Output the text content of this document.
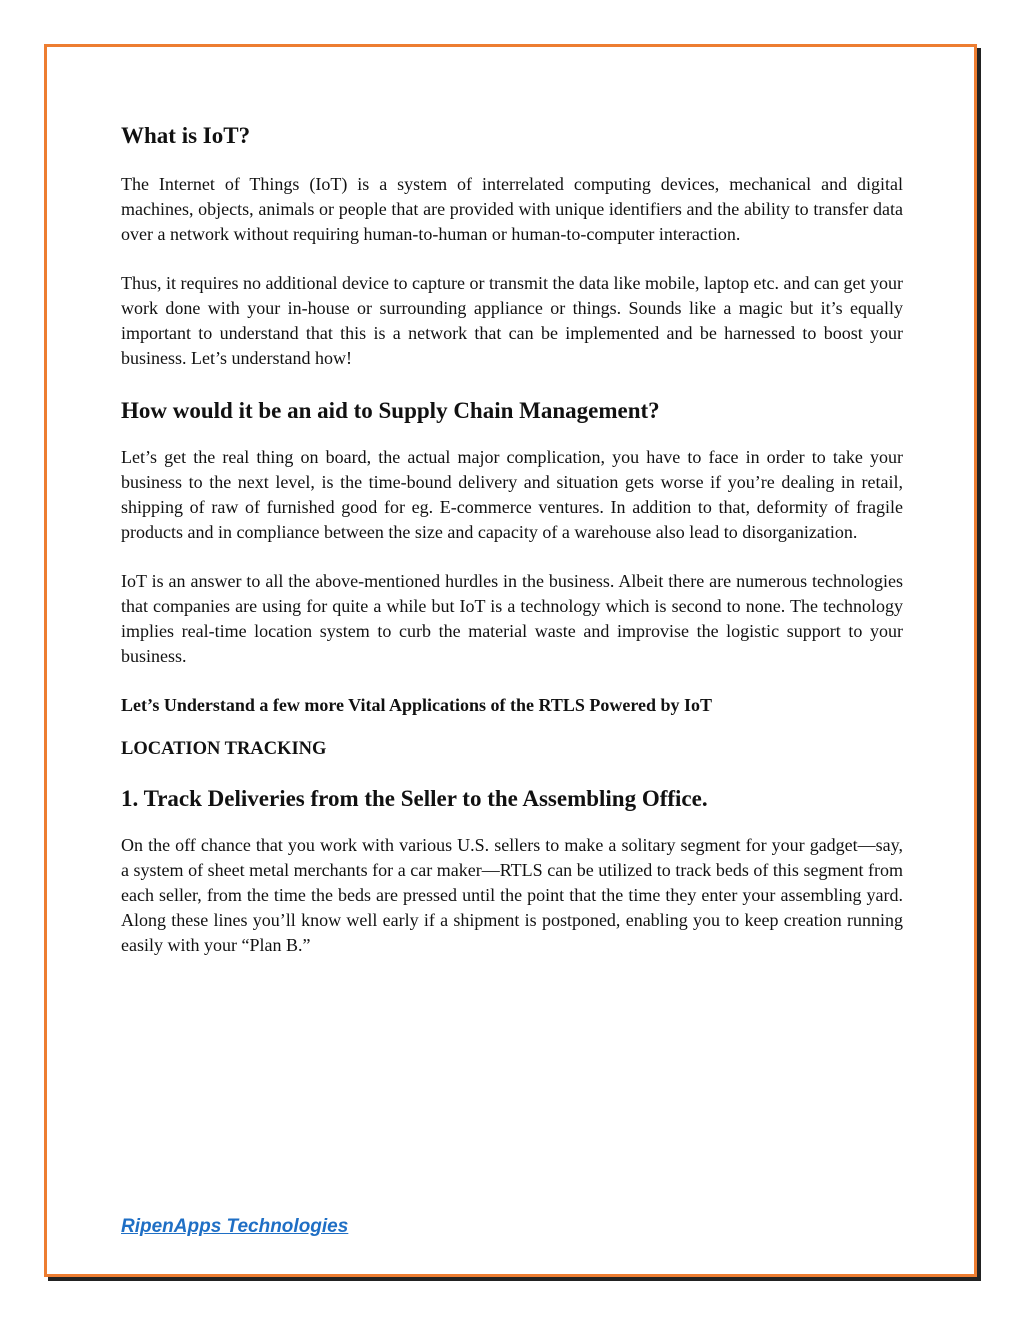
What is IoT?

The Internet of Things (IoT) is a system of interrelated computing devices, mechanical and digital machines, objects, animals or people that are provided with unique identifiers and the ability to transfer data over a network without requiring human-to-human or human-to-computer interaction.

Thus, it requires no additional device to capture or transmit the data like mobile, laptop etc. and can get your work done with your in-house or surrounding appliance or things. Sounds like a magic but it’s equally important to understand that this is a network that can be implemented and be harnessed to boost your business. Let’s understand how!

How would it be an aid to Supply Chain Management?

Let’s get the real thing on board, the actual major complication, you have to face in order to take your business to the next level, is the time-bound delivery and situation gets worse if you’re dealing in retail, shipping of raw of furnished good for eg. E-commerce ventures. In addition to that, deformity of fragile products and in compliance between the size and capacity of a warehouse also lead to disorganization.

IoT is an answer to all the above-mentioned hurdles in the business. Albeit there are numerous technologies that companies are using for quite a while but IoT is a technology which is second to none. The technology implies real-time location system to curb the material waste and improvise the logistic support to your business.

Let’s Understand a few more Vital Applications of the RTLS Powered by IoT
LOCATION TRACKING
1. Track Deliveries from the Seller to the Assembling Office.

On the off chance that you work with various U.S. sellers to make a solitary segment for your gadget—say, a system of sheet metal merchants for a car maker—RTLS can be utilized to track beds of this segment from each seller, from the time the beds are pressed until the point that the time they enter your assembling yard. Along these lines you’ll know well early if a shipment is postponed, enabling you to keep creation running easily with your “Plan B.”

RipenApps Technologies
